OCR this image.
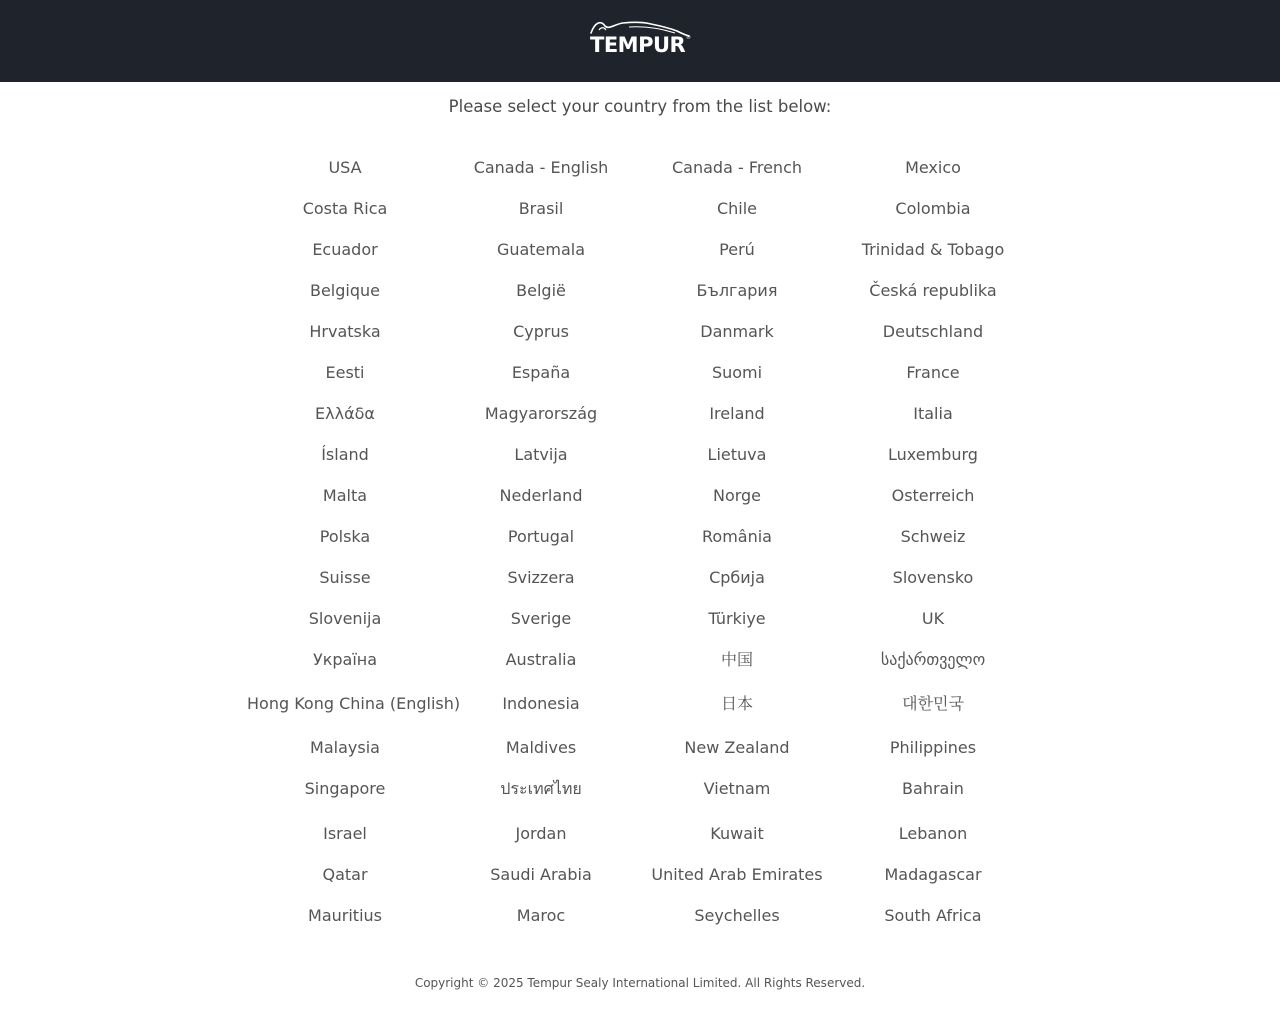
TEMPUR ®
Please select your country from the list below:
USA	Canada - English	Canada - French	Mexico
Costa Rica	Brasil	Chile	Colombia
Ecuador	Guatemala	Perú	Trinidad & Tobago
Belgique	België	България	Česká republika
Hrvatska	Cyprus	Danmark	Deutschland
Eesti	España	Suomi	France
Ελλάδα	Magyarország	Ireland	Italia
Ísland	Latvija	Lietuva	Luxemburg
Malta	Nederland	Norge	Osterreich
Polska	Portugal	România	Schweiz
Suisse	Svizzera	Србија	Slovensko
Slovenija	Sverige	Türkiye	UK
Україна	Australia	中国	საქართველო
Hong Kong China (English)	Indonesia	日本	대한민국
Malaysia	Maldives	New Zealand	Philippines
Singapore	ประเทศไทย	Vietnam	Bahrain
Israel	Jordan	Kuwait	Lebanon
Qatar	Saudi Arabia	United Arab Emirates	Madagascar
Mauritius	Maroc	Seychelles	South Africa
Copyright © 2025 Tempur Sealy International Limited. All Rights Reserved.
